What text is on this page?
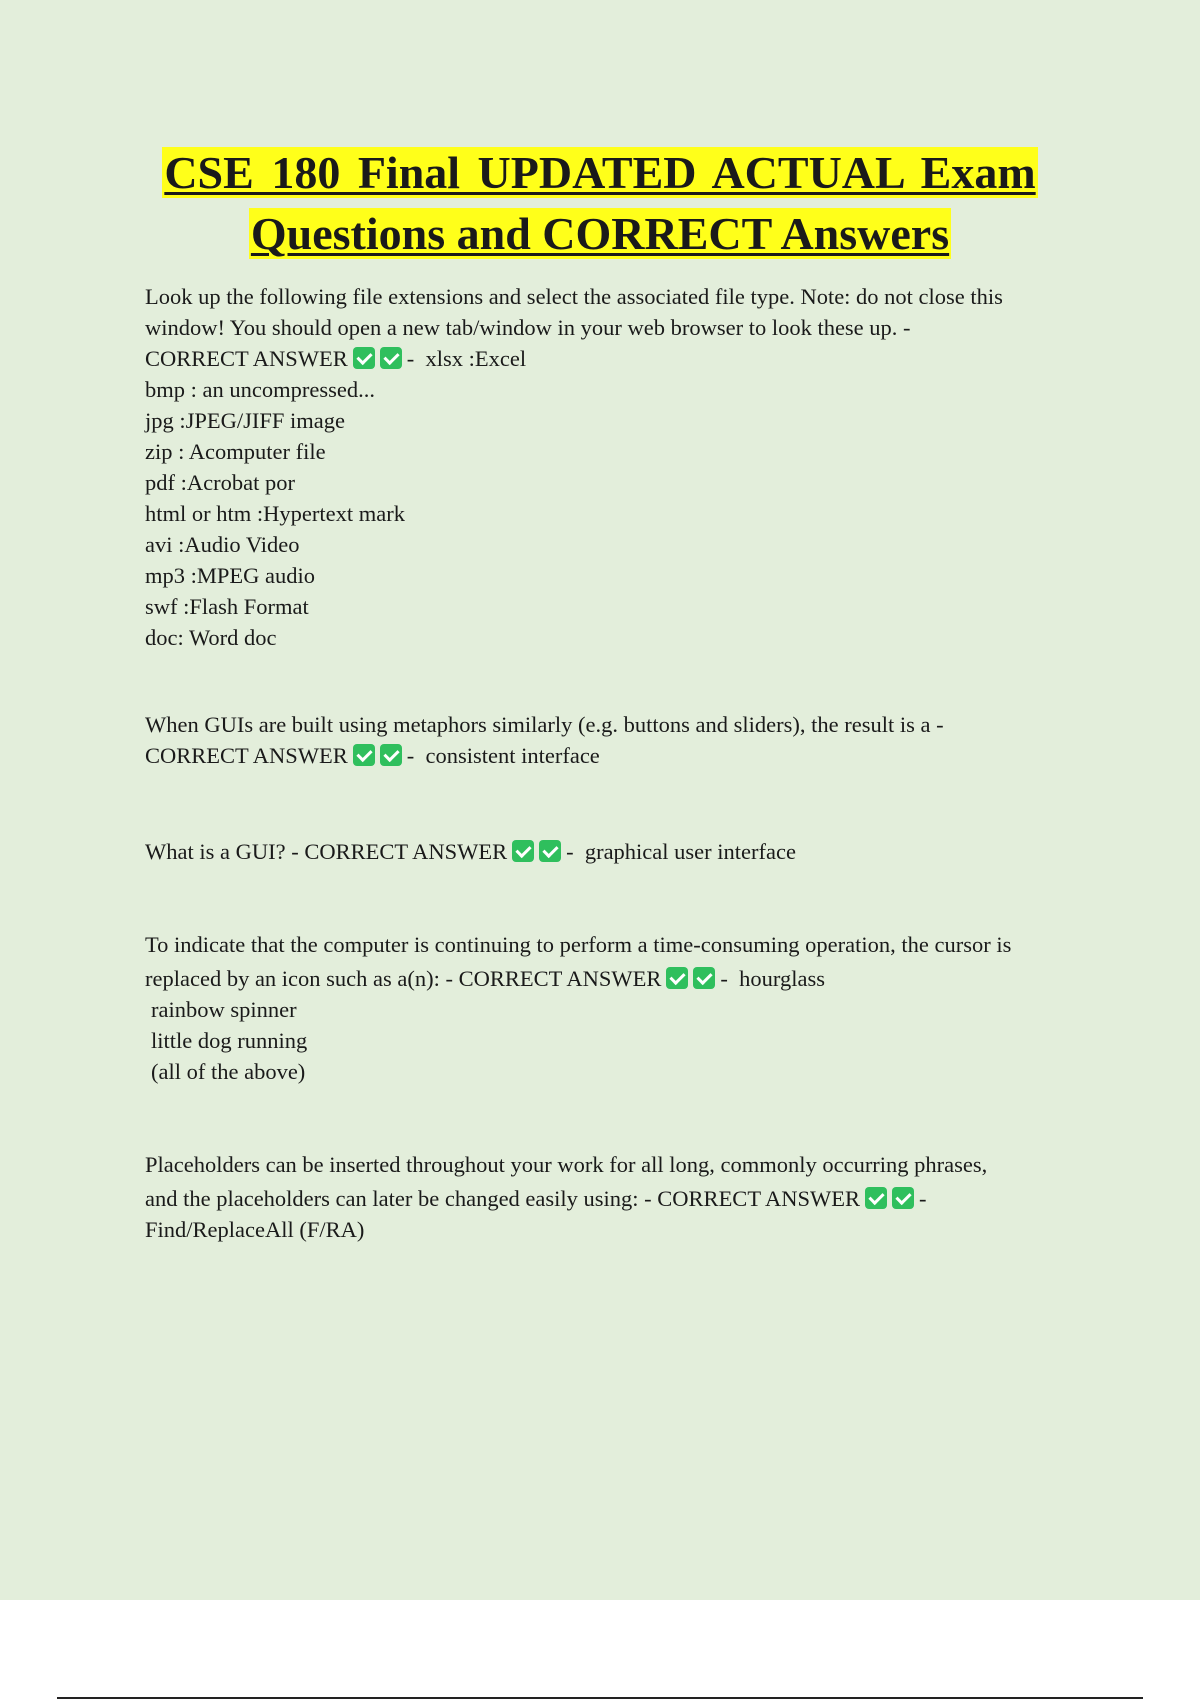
CSE 180 Final UPDATED ACTUAL Exam
Questions and CORRECT Answers

Look up the following file extensions and select the associated file type. Note: do not close this

window! You should open a new tab/window in your web browser to look these up. -

CORRECT ANSWER	-  xlsx :Excel

bmp : an uncompressed...

jpg :JPEG/JIFF image

zip : Acomputer file

pdf :Acrobat por

html or htm :Hypertext mark

avi :Audio Video

mp3 :MPEG audio

swf :Flash Format

doc: Word doc

When GUIs are built using metaphors similarly (e.g. buttons and sliders), the result is a -

CORRECT ANSWER	-  consistent interface

What is a GUI? - CORRECT ANSWER	-  graphical user interface

To indicate that the computer is continuing to perform a time-consuming operation, the cursor is

replaced by an icon such as a(n): - CORRECT ANSWER	-  hourglass

rainbow spinner

little dog running

(all of the above)

Placeholders can be inserted throughout your work for all long, commonly occurring phrases,

and the placeholders can later be changed easily using: - CORRECT ANSWER	-

Find/ReplaceAll (F/RA)
